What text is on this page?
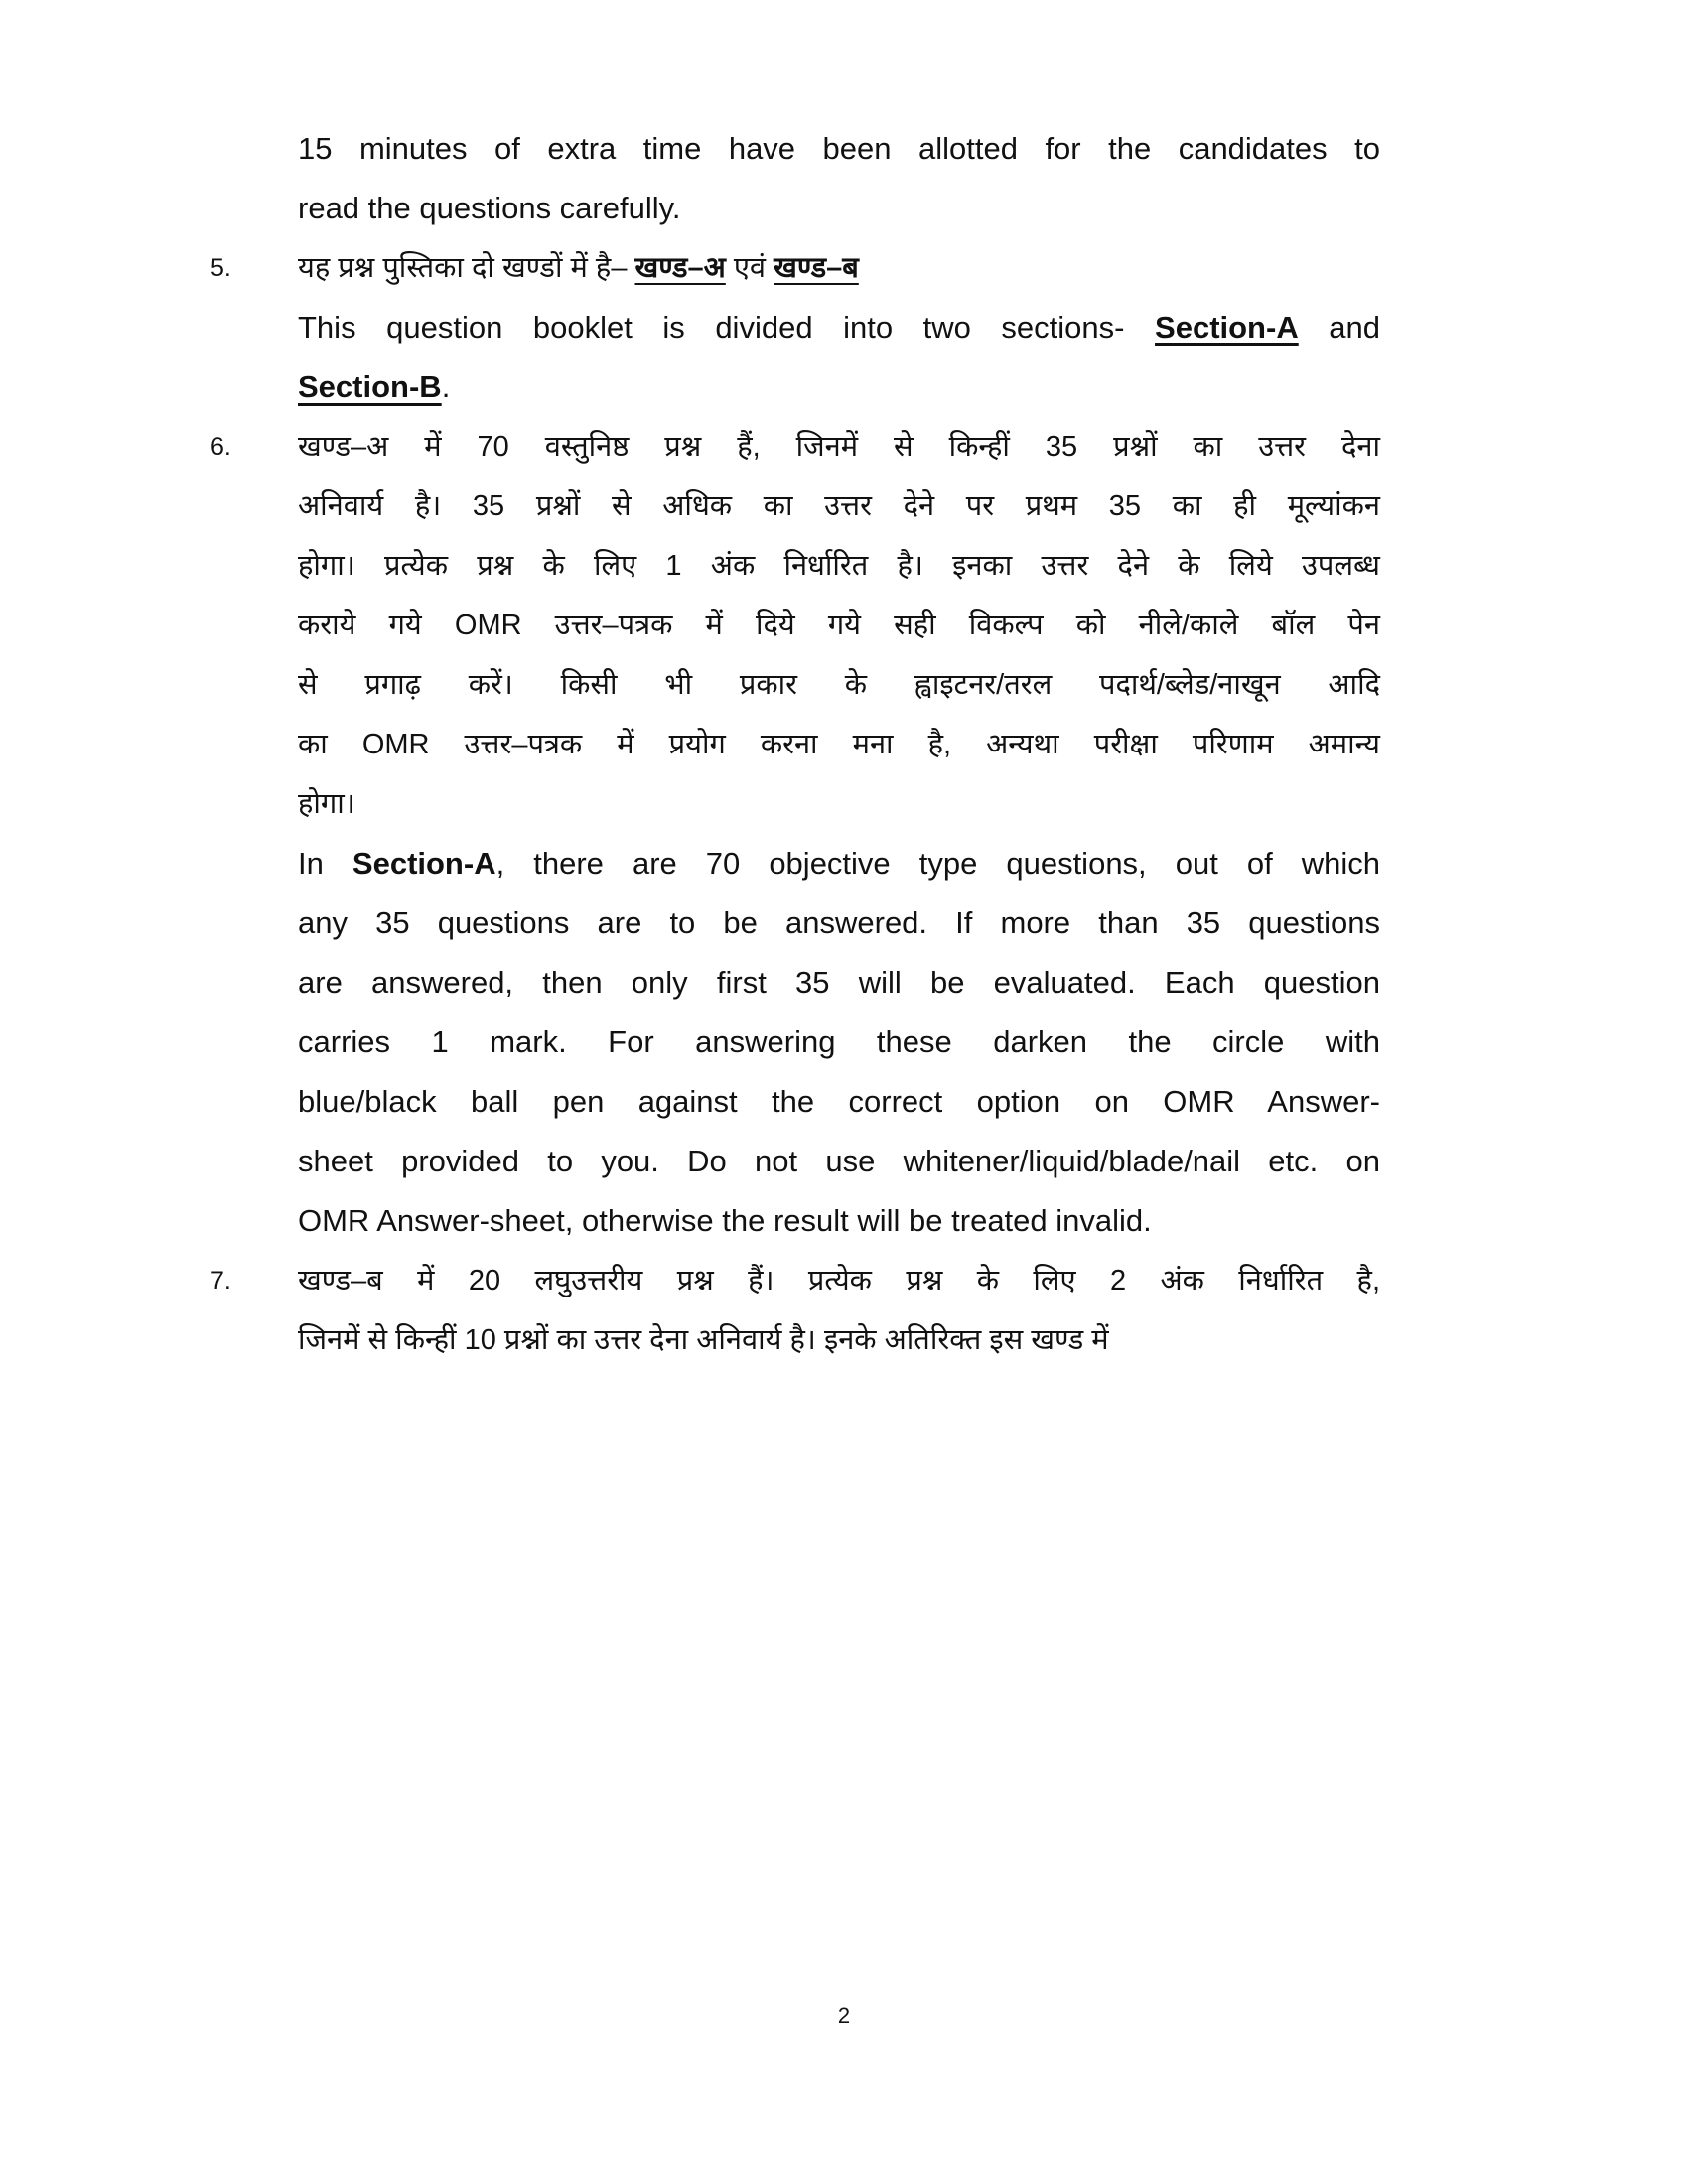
15 minutes of extra time have been allotted for the candidates to
read the questions carefully.
5.	यह प्रश्न पुस्तिका दो खण्डों में है– खण्ड–अ एवं खण्ड–ब
This question booklet is divided into two sections- Section-A and
Section-B.
6.	खण्ड–अ में 70 वस्तुनिष्ठ प्रश्न हैं, जिनमें से किन्हीं 35 प्रश्नों का उत्तर देना
अनिवार्य है। 35 प्रश्नों से अधिक का उत्तर देने पर प्रथम 35 का ही मूल्यांकन
होगा। प्रत्येक प्रश्न के लिए 1 अंक निर्धारित है। इनका उत्तर देने के लिये उपलब्ध
कराये गये OMR उत्तर–पत्रक में दिये गये सही विकल्प को नीले/काले बॉल पेन
से प्रगाढ़ करें। किसी भी प्रकार के ह्वाइटनर/तरल पदार्थ/ब्लेड/नाखून आदि
का OMR उत्तर–पत्रक में प्रयोग करना मना है, अन्यथा परीक्षा परिणाम अमान्य
होगा।
In Section-A, there are 70 objective type questions, out of which
any 35 questions are to be answered. If more than 35 questions
are answered, then only first 35 will be evaluated. Each question
carries 1 mark. For answering these darken the circle with
blue/black ball pen against the correct option on OMR Answer-
sheet provided to you. Do not use whitener/liquid/blade/nail etc. on
OMR Answer-sheet, otherwise the result will be treated invalid.
7.	खण्ड–ब में 20 लघुउत्तरीय प्रश्न हैं। प्रत्येक प्रश्न के लिए 2 अंक निर्धारित है,
जिनमें से किन्हीं 10 प्रश्नों का उत्तर देना अनिवार्य है। इनके अतिरिक्त इस खण्ड में
2
